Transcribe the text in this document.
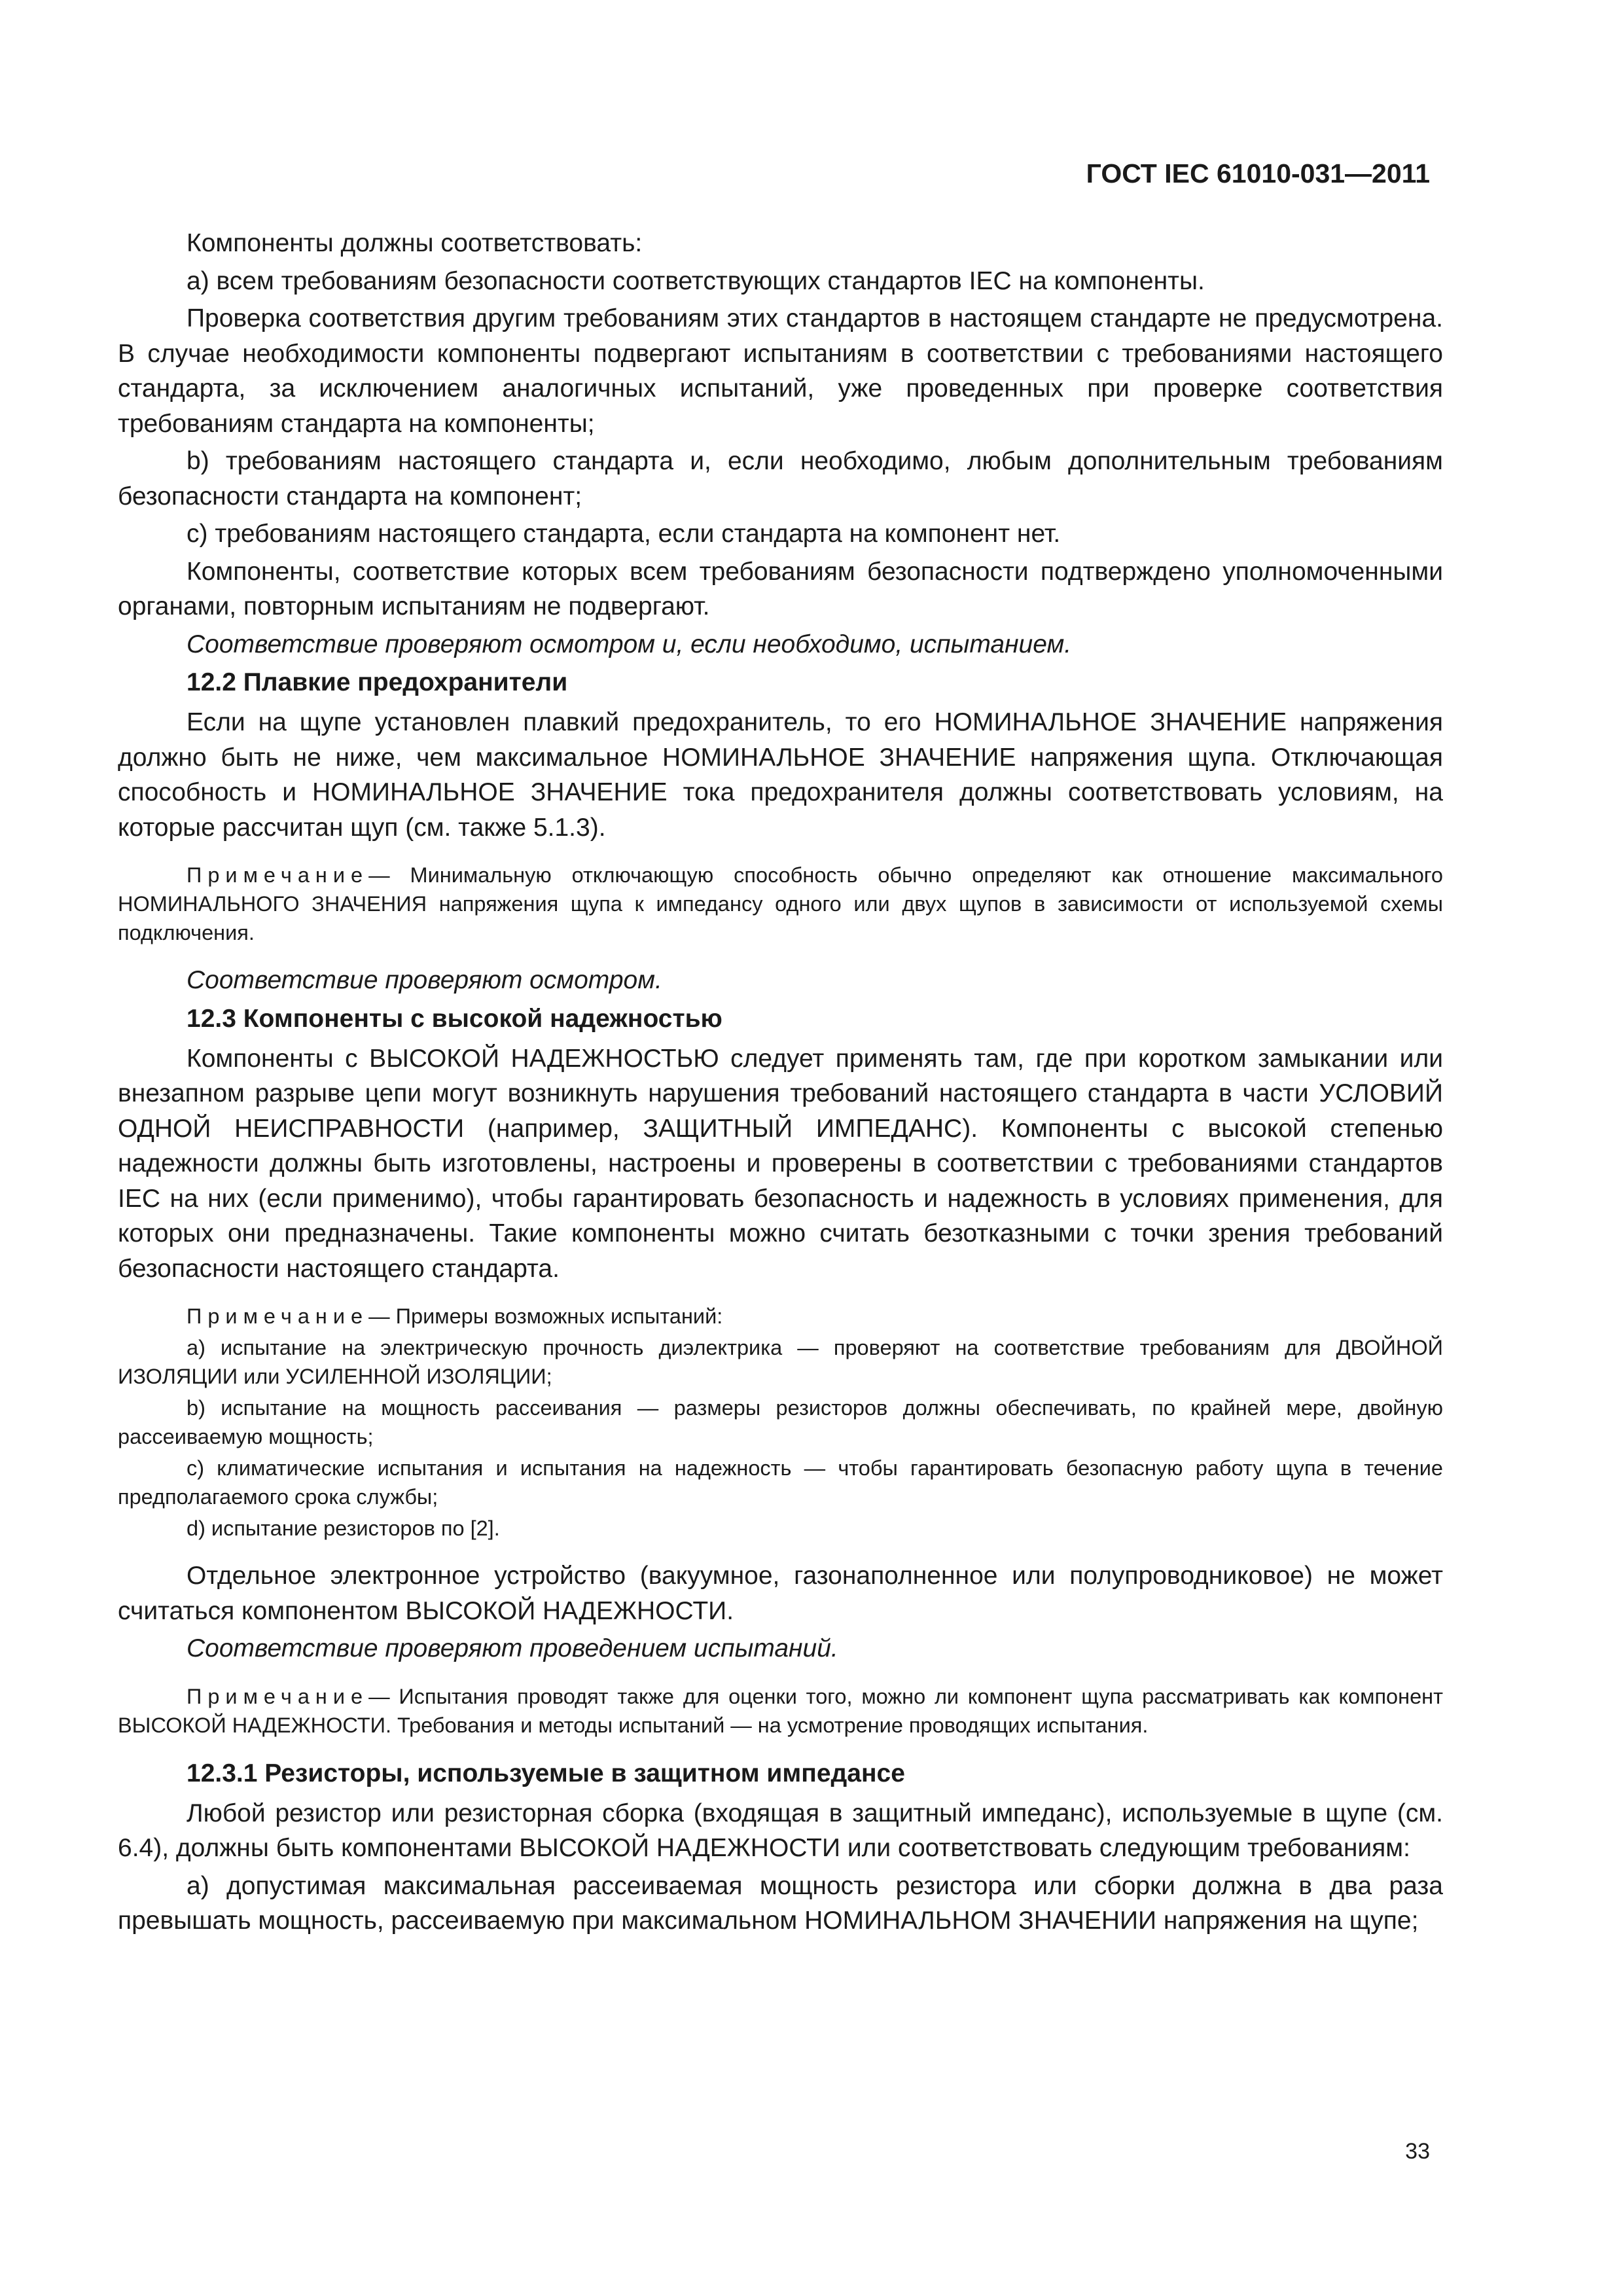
ГОСТ IEC 61010-031—2011

Компоненты должны соответствовать:

а) всем требованиям безопасности соответствующих стандартов IEC на компоненты.

Проверка соответствия другим требованиям этих стандартов в настоящем стандарте не предусмотрена. В случае необходимости компоненты подвергают испытаниям в соответствии с требованиями настоящего стандарта, за исключением аналогичных испытаний, уже проведенных при проверке соответствия требованиям стандарта на компоненты;

b) требованиям настоящего стандарта и, если необходимо, любым дополнительным требованиям безопасности стандарта на компонент;

c) требованиям настоящего стандарта, если стандарта на компонент нет.

Компоненты, соответствие которых всем требованиям безопасности подтверждено уполномоченными органами, повторным испытаниям не подвергают.

Соответствие проверяют осмотром и, если необходимо, испытанием.

12.2 Плавкие предохранители

Если на щупе установлен плавкий предохранитель, то его НОМИНАЛЬНОЕ ЗНАЧЕНИЕ напряжения должно быть не ниже, чем максимальное НОМИНАЛЬНОЕ ЗНАЧЕНИЕ напряжения щупа. Отключающая способность и НОМИНАЛЬНОЕ ЗНАЧЕНИЕ тока предохранителя должны соответствовать условиям, на которые рассчитан щуп (см. также 5.1.3).

Примечание— Минимальную отключающую способность обычно определяют как отношение максимального НОМИНАЛЬНОГО ЗНАЧЕНИЯ напряжения щупа к импедансу одного или двух щупов в зависимости от используемой схемы подключения.

Соответствие проверяют осмотром.

12.3 Компоненты с высокой надежностью

Компоненты с ВЫСОКОЙ НАДЕЖНОСТЬЮ следует применять там, где при коротком замыкании или внезапном разрыве цепи могут возникнуть нарушения требований настоящего стандарта в части УСЛОВИЙ ОДНОЙ НЕИСПРАВНОСТИ (например, ЗАЩИТНЫЙ ИМПЕДАНС). Компоненты с высокой степенью надежности должны быть изготовлены, настроены и проверены в соответствии с требованиями стандартов IEC на них (если применимо), чтобы гарантировать безопасность и надежность в условиях применения, для которых они предназначены. Такие компоненты можно считать безотказными с точки зрения требований безопасности настоящего стандарта.

Примечание— Примеры возможных испытаний:

а) испытание на электрическую прочность диэлектрика — проверяют на соответствие требованиям для ДВОЙНОЙ ИЗОЛЯЦИИ или УСИЛЕННОЙ ИЗОЛЯЦИИ;

b) испытание на мощность рассеивания — размеры резисторов должны обеспечивать, по крайней мере, двойную рассеиваемую мощность;

c) климатические испытания и испытания на надежность — чтобы гарантировать безопасную работу щупа в течение предполагаемого срока службы;

d) испытание резисторов по [2].

Отдельное электронное устройство (вакуумное, газонаполненное или полупроводниковое) не может считаться компонентом ВЫСОКОЙ НАДЕЖНОСТИ.

Соответствие проверяют проведением испытаний.

Примечание— Испытания проводят также для оценки того, можно ли компонент щупа рассматривать как компонент ВЫСОКОЙ НАДЕЖНОСТИ. Требования и методы испытаний — на усмотрение проводящих испытания.

12.3.1 Резисторы, используемые в защитном импедансе

Любой резистор или резисторная сборка (входящая в защитный импеданс), используемые в щупе (см. 6.4), должны быть компонентами ВЫСОКОЙ НАДЕЖНОСТИ или соответствовать следующим требованиям:

а) допустимая максимальная рассеиваемая мощность резистора или сборки должна в два раза превышать мощность, рассеиваемую при максимальном НОМИНАЛЬНОМ ЗНАЧЕНИИ напряжения на щупе;

33
